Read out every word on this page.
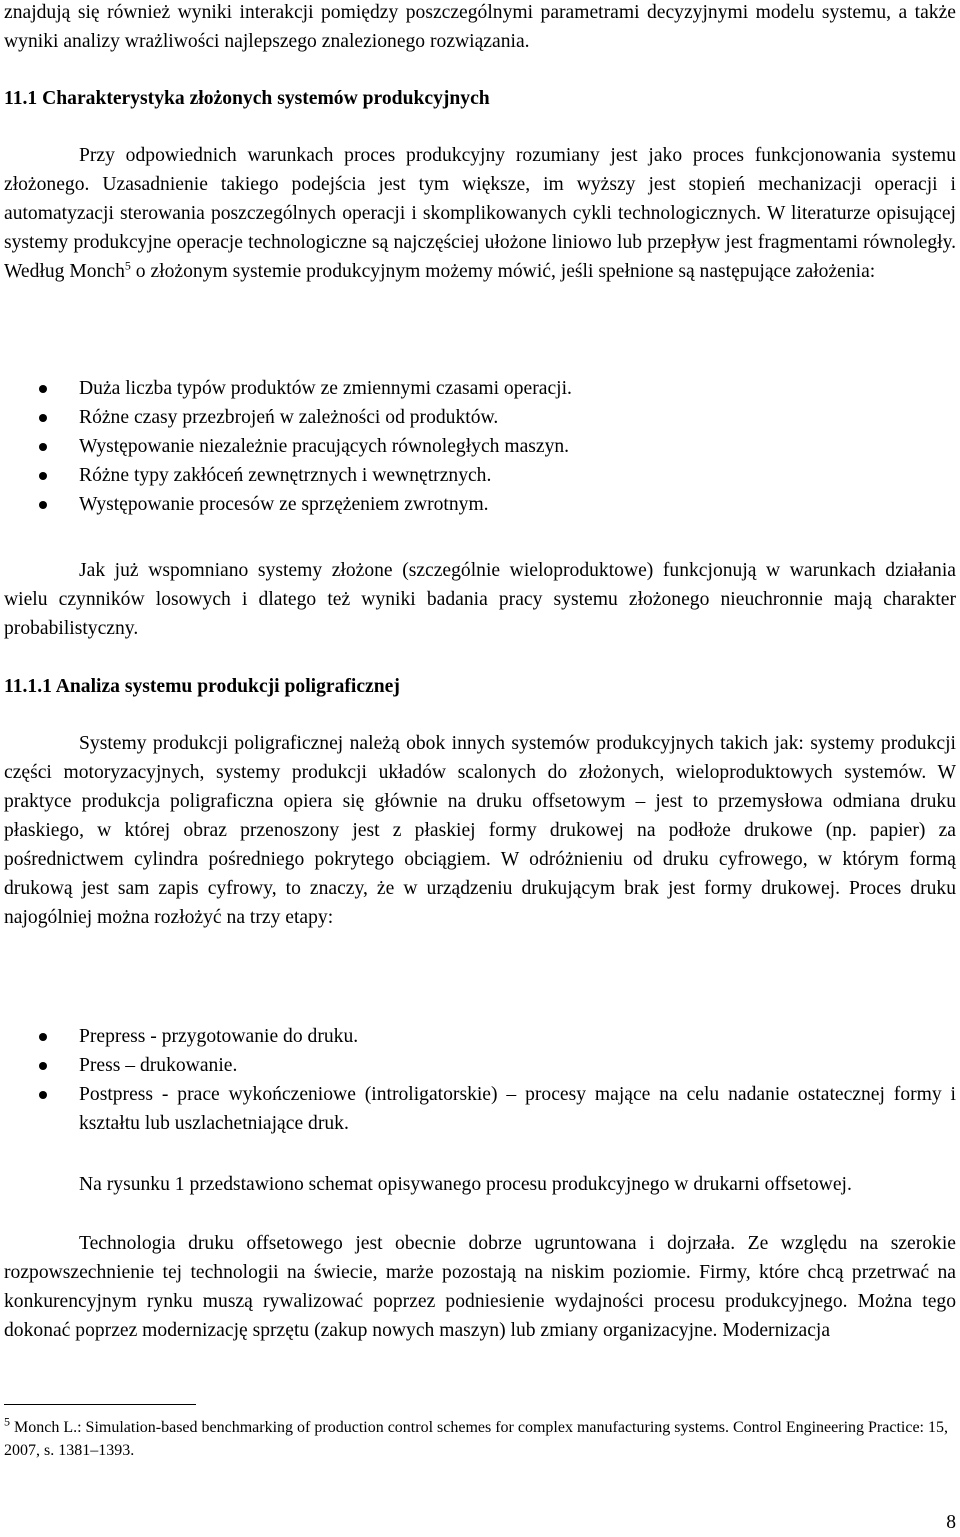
znajdują się również wyniki interakcji pomiędzy poszczególnymi parametrami decyzyjnymi modelu systemu, a także wyniki analizy wrażliwości najlepszego znalezionego rozwiązania.

11.1 Charakterystyka złożonych systemów produkcyjnych

Przy odpowiednich warunkach proces produkcyjny rozumiany jest jako proces funkcjonowania systemu złożonego. Uzasadnienie takiego podejścia jest tym większe, im wyższy jest stopień mechanizacji operacji i automatyzacji sterowania poszczególnych operacji i skomplikowanych cykli technologicznych. W literaturze opisującej systemy produkcyjne operacje technologiczne są najczęściej ułożone liniowo lub przepływ jest fragmentami równoległy. Według Monch$^5$ o złożonym systemie produkcyjnym możemy mówić, jeśli spełnione są następujące założenia:

Duża liczba typów produktów ze zmiennymi czasami operacji.
Różne czasy przezbrojeń w zależności od produktów.
Występowanie niezależnie pracujących równoległych maszyn.
Różne typy zakłóceń zewnętrznych i wewnętrznych.
Występowanie procesów ze sprzężeniem zwrotnym.

Jak już wspomniano systemy złożone (szczególnie wieloproduktowe) funkcjonują w warunkach działania wielu czynników losowych i dlatego też wyniki badania pracy systemu złożonego nieuchronnie mają charakter probabilistyczny.

11.1.1 Analiza systemu produkcji poligraficznej

Systemy produkcji poligraficznej należą obok innych systemów produkcyjnych takich jak: systemy produkcji części motoryzacyjnych, systemy produkcji układów scalonych do złożonych, wieloproduktowych systemów. W praktyce produkcja poligraficzna opiera się głównie na druku offsetowym – jest to przemysłowa odmiana druku płaskiego, w której obraz przenoszony jest z płaskiej formy drukowej na podłoże drukowe (np. papier) za pośrednictwem cylindra pośredniego pokrytego obciągiem. W odróżnieniu od druku cyfrowego, w którym formą drukową jest sam zapis cyfrowy, to znaczy, że w urządzeniu drukującym brak jest formy drukowej. Proces druku najogólniej można rozłożyć na trzy etapy:

Prepress - przygotowanie do druku.
Press – drukowanie.
Postpress - prace wykończeniowe (introligatorskie) – procesy mające na celu nadanie ostatecznej formy i kształtu lub uszlachetniające druk.

Na rysunku 1 przedstawiono schemat opisywanego procesu produkcyjnego w drukarni offsetowej.

Technologia druku offsetowego jest obecnie dobrze ugruntowana i dojrzała. Ze względu na szerokie rozpowszechnienie tej technologii na świecie, marże pozostają na niskim poziomie. Firmy, które chcą przetrwać na konkurencyjnym rynku muszą rywalizować poprzez podniesienie wydajności procesu produkcyjnego. Można tego dokonać poprzez modernizację sprzętu (zakup nowych maszyn) lub zmiany organizacyjne. Modernizacja

$^5$ Monch L.: Simulation-based benchmarking of production control schemes for complex manufacturing systems. Control Engineering Practice: 15, 2007, s. 1381–1393.
8
